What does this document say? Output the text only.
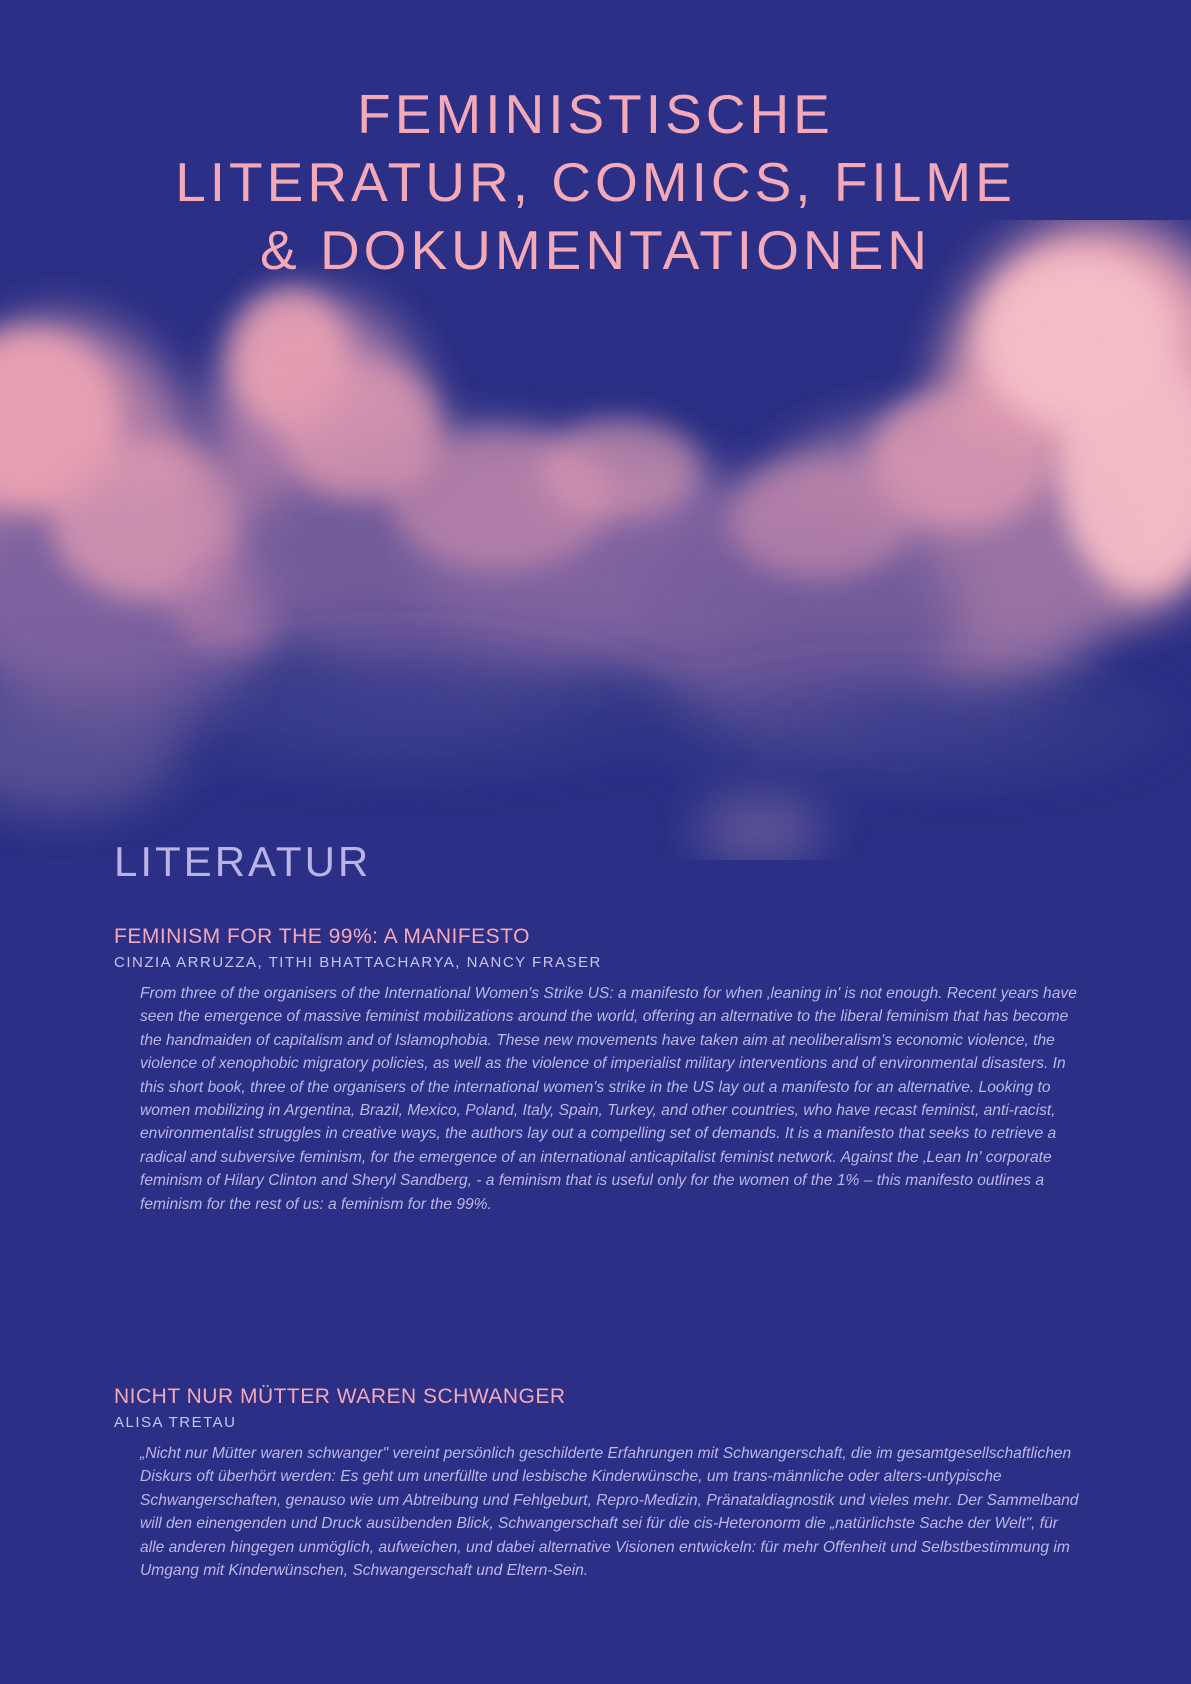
FEMINISTISCHE
LITERATUR, COMICS, FILME
& DOKUMENTATIONEN
LITERATUR
FEMINISM FOR THE 99%: A MANIFESTO

CINZIA ARRUZZA, TITHI BHATTACHARYA, NANCY FRASER

From three of the organisers of the International Women's Strike US: a manifesto for when ‚leaning in' is not enough. Recent years have seen the emergence of massive feminist mobilizations around the world, offering an alternative to the liberal feminism that has become the handmaiden of capitalism and of Islamophobia. These new movements have taken aim at neoliberalism's economic violence, the violence of xenophobic migratory policies, as well as the violence of imperialist military interventions and of environmental disasters. In this short book, three of the organisers of the international women's strike in the US lay out a manifesto for an alternative. Looking to women mobilizing in Argentina, Brazil, Mexico, Poland, Italy, Spain, Turkey, and other countries, who have recast feminist, anti-racist, environmentalist struggles in creative ways, the authors lay out a compelling set of demands. It is a manifesto that seeks to retrieve a radical and subversive feminism, for the emergence of an international anticapitalist feminist network. Against the ‚Lean In' corporate feminism of Hilary Clinton and Sheryl Sandberg, - a feminism that is useful only for the women of the 1% – this manifesto outlines a feminism for the rest of us: a feminism for the 99%.

NICHT NUR MÜTTER WAREN SCHWANGER

ALISA TRETAU

„Nicht nur Mütter waren schwanger" vereint persönlich geschilderte Erfahrungen mit Schwangerschaft, die im gesamtgesellschaftlichen Diskurs oft überhört werden: Es geht um unerfüllte und lesbische Kinderwünsche, um trans-männliche oder alters-untypische Schwangerschaften, genauso wie um Abtreibung und Fehlgeburt, Repro-Medizin, Pränataldiagnostik und vieles mehr. Der Sammelband will den einengenden und Druck ausübenden Blick, Schwangerschaft sei für die cis-Heteronorm die „natürlichste Sache der Welt", für alle anderen hingegen unmöglich, aufweichen, und dabei alternative Visionen entwickeln: für mehr Offenheit und Selbstbestimmung im Umgang mit Kinderwünschen, Schwangerschaft und Eltern-Sein.
